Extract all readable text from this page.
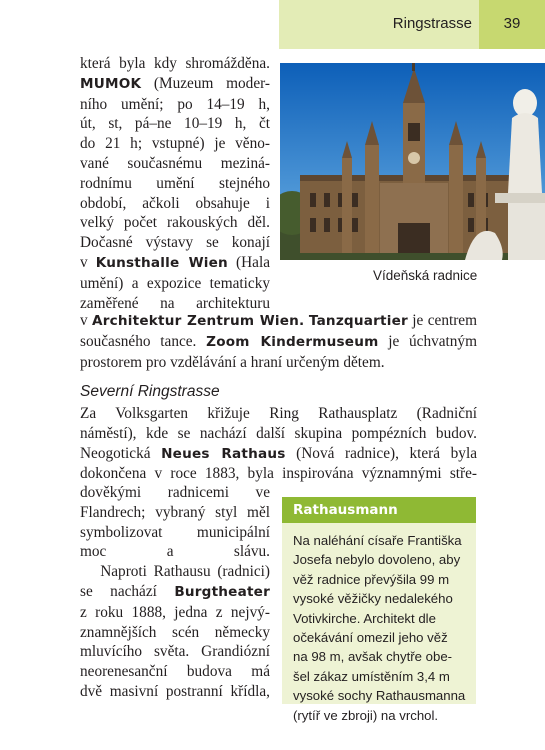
Ringstrasse	39
Vídeňská radnice
která byla kdy shromážděna.
MUMOK (Muzeum moder-
ního umění; po 14–19 h,
út, st, pá–ne 10–19 h, čt
do 21 h; vstupné) je věno-
vané současnému meziná-
rodnímu umění stejného
období, ačkoli obsahuje i
velký počet rakouských děl.
Dočasné výstavy se konají
v Kunsthalle Wien (Hala
umění) a expozice tematicky
zaměřené na architekturu
v Architektur Zentrum Wien. Tanzquartier je centrem
současného tance. Zoom Kindermuseum je úchvatným
prostorem pro vzdělávání a hraní určeným dětem.
Severní Ringstrasse
Za Volksgarten křižuje Ring Rathausplatz (Radniční
náměstí), kde se nachází další skupina pompézních budov.
Neogotická Neues Rathaus (Nová radnice), která byla
dokončena v roce 1883, byla inspirována významnými stře-
dověkými radnicemi ve
Flandrech; vybraný styl měl
symbolizovat municipální
moc a slávu.
Naproti Rathausu (radnici)
se nachází Burgtheater
z roku 1888, jedna z nejvý-
znamnějších scén německy
mluvícího světa. Grandiózní
neorenesanční budova má
dvě masivní postranní křídla,
Rathausmann
Na naléhání císaře Františka
Josefa nebylo dovoleno, aby
věž radnice převýšila 99 m
vysoké věžičky nedalekého
Votivkirche. Architekt dle
očekávání omezil jeho věž
na 98 m, avšak chytře obe-
šel zákaz umístěním 3,4 m
vysoké sochy Rathausmanna
(rytíř ve zbroji) na vrchol.
